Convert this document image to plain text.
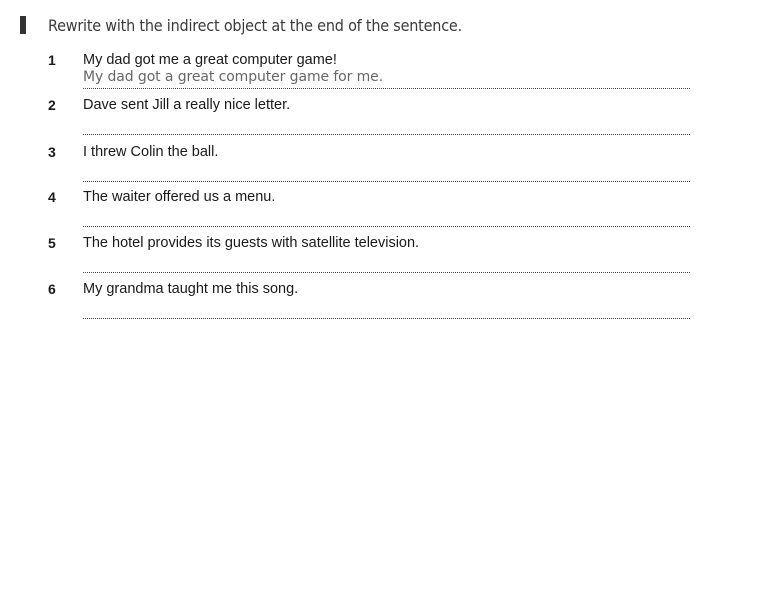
Rewrite with the indirect object at the end of the sentence.
1 My dad got me a great computer game!
My dad got a great computer game for me.
2 Dave sent Jill a really nice letter.
3 I threw Colin the ball.
4 The waiter offered us a menu.
5 The hotel provides its guests with satellite television.
6 My grandma taught me this song.
